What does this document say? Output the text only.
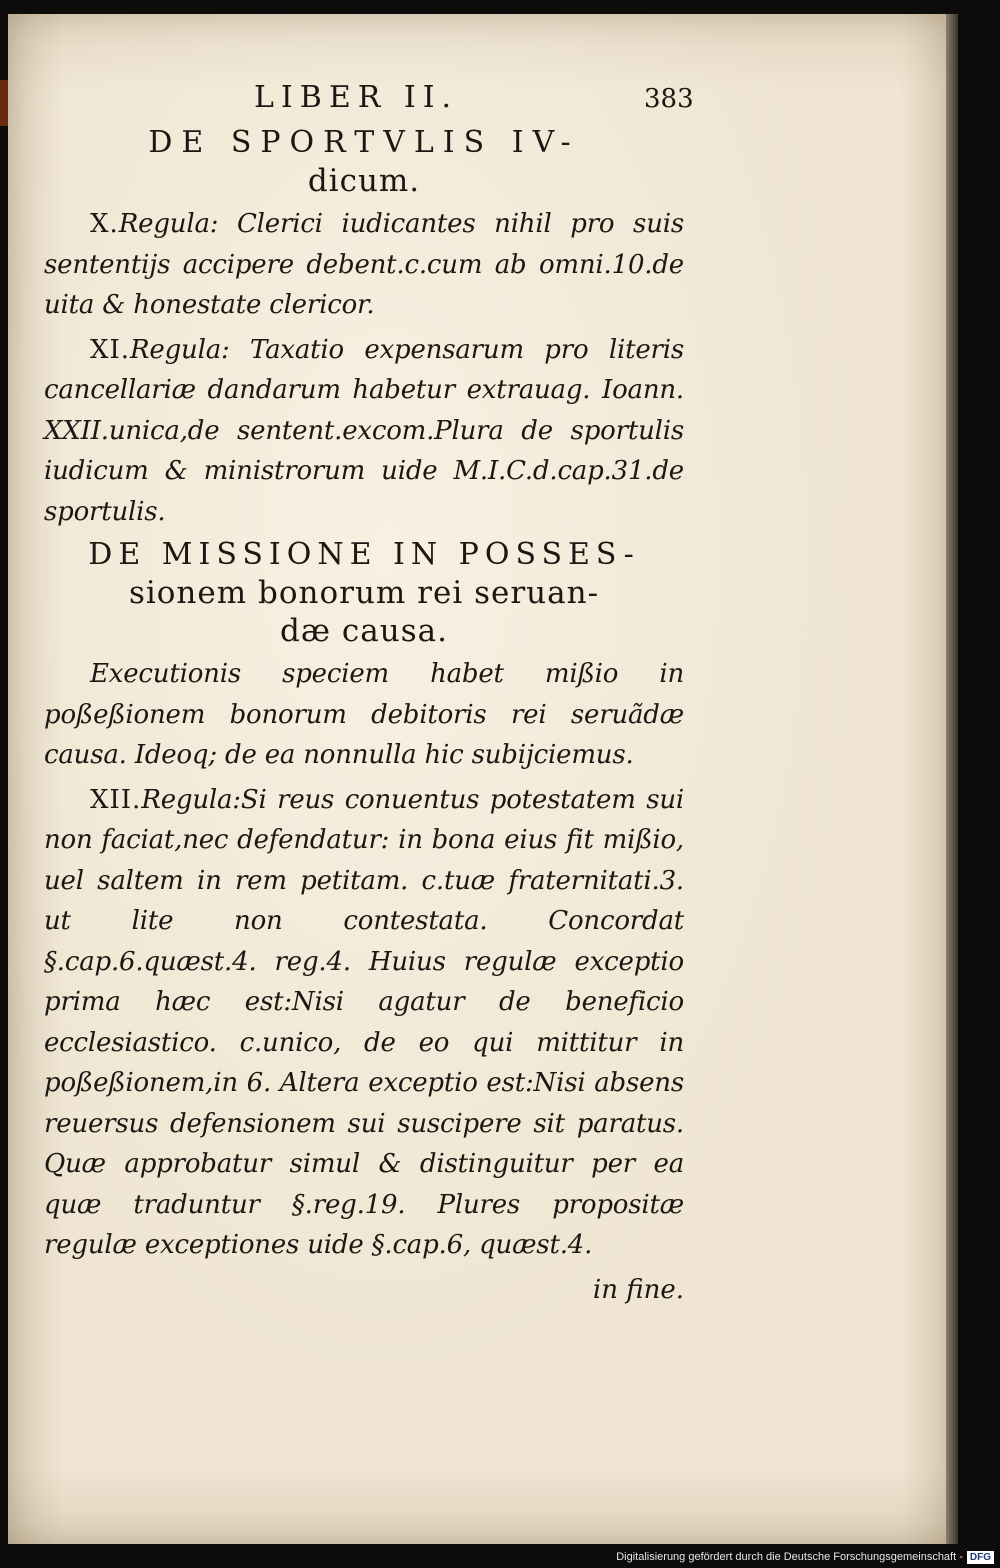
LIBER II.	383
DE SPORTVLIS IV-
dicum.

X.Regula: Clerici iudicantes nihil pro suis sententijs accipere debent.c.cum ab omni.10.de uita & honestate clericor.

XI.Regula: Taxatio expensarum pro literis cancellariæ dandarum habetur extrauag. Ioann. XXII.unica,de sentent.excom.Plura de sportulis iudicum & ministrorum uide M.I.C.d.cap.31.de sportulis.

DE MISSIONE IN POSSES-
sionem bonorum rei seruan-
dæ causa.

Executionis speciem habet mißio in poßeßionem bonorum debitoris rei seruãdæ causa. Ideoq; de ea nonnulla hic subijciemus.

XII.Regula:Si reus conuentus potestatem sui non faciat,nec defendatur: in bona eius fit mißio, uel saltem in rem petitam. c.tuæ fraternitati.3. ut lite non contestata. Concordat §.cap.6.quæst.4. reg.4. Huius regulæ exceptio prima hæc est:Nisi agatur de beneficio ecclesiastico. c.unico, de eo qui mittitur in poßeßionem,in 6. Altera exceptio est:Nisi absens reuersus defensionem sui suscipere sit paratus. Quæ approbatur simul & distinguitur per ea quæ traduntur §.reg.19. Plures propositæ regulæ exceptiones uide §.cap.6, quæst.4.

in fine.
Digitalisierung gefördert durch die Deutsche Forschungsgemeinschaft - DFG
